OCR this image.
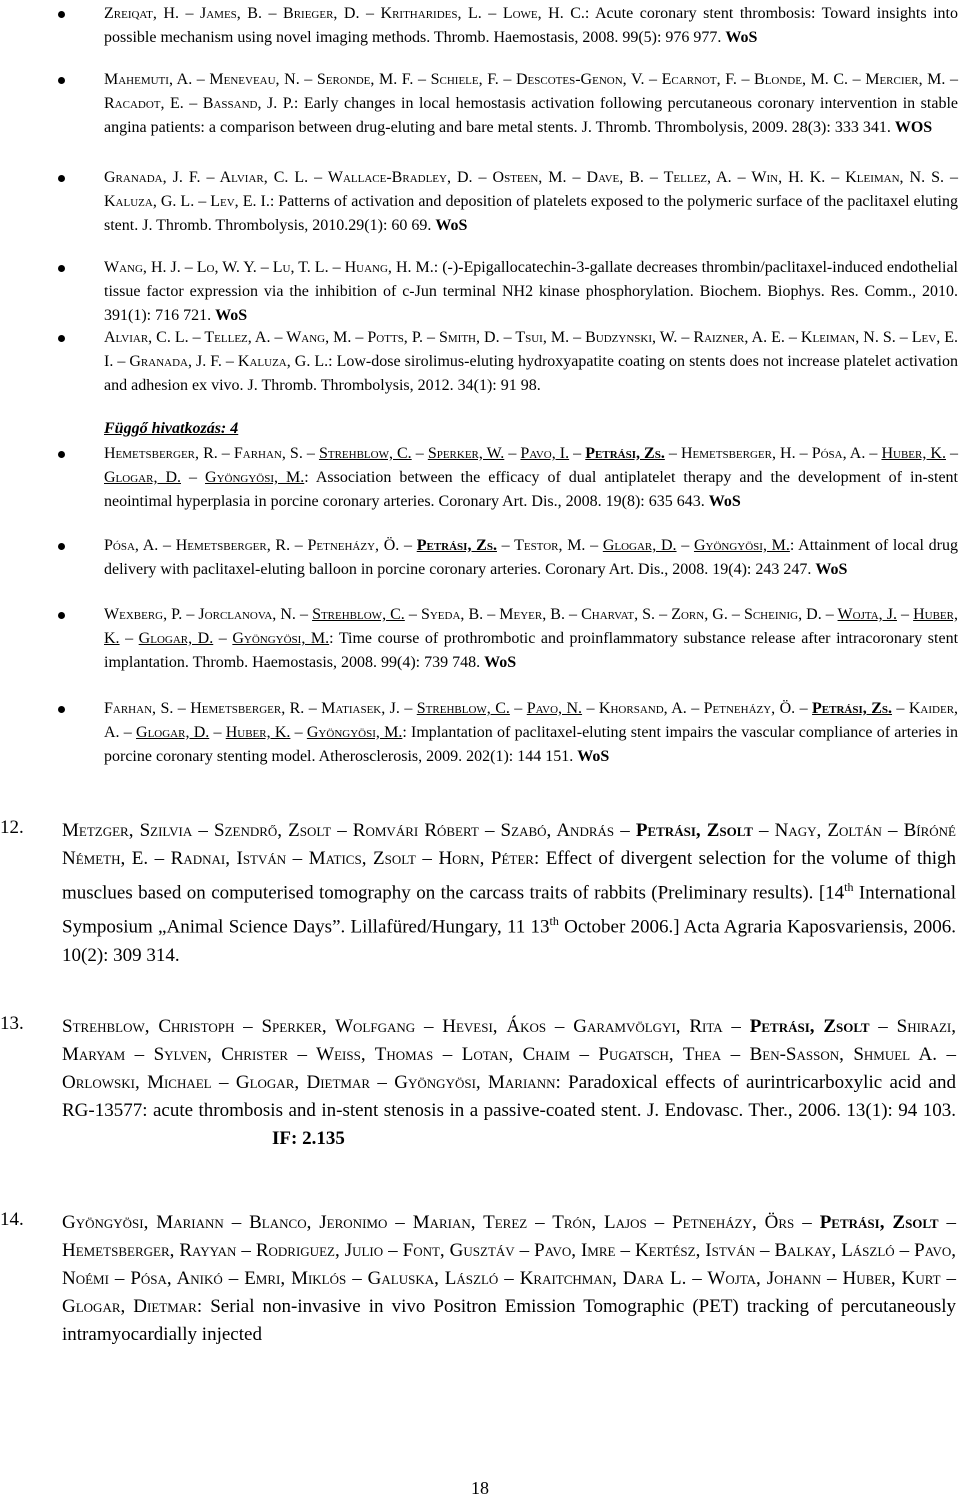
Zreiqat, H. – James, B. – Brieger, D. – Kritharides, L. – Lowe, H. C.: Acute coronary stent thrombosis: Toward insights into possible mechanism using novel imaging methods. Thromb. Haemostasis, 2008. 99(5): 976 977. WoS
Mahemuti, A. – Meneveau, N. – Seronde, M. F. – Schiele, F. – Descotes-Genon, V. – Ecarnot, F. – Blonde, M. C. – Mercier, M. – Racadot, E. – Bassand, J. P.: Early changes in local hemostasis activation following percutaneous coronary intervention in stable angina patients: a comparison between drug-eluting and bare metal stents. J. Thromb. Thrombolysis, 2009. 28(3): 333 341. WOS
Granada, J. F. – Alviar, C. L. – Wallace-Bradley, D. – Osteen, M. – Dave, B. – Tellez, A. – Win, H. K. – Kleiman, N. S. – Kaluza, G. L. – Lev, E. I.: Patterns of activation and deposition of platelets exposed to the polymeric surface of the paclitaxel eluting stent. J. Thromb. Thrombolysis, 2010.29(1): 60 69. WoS
Wang, H. J. – Lo, W. Y. – Lu, T. L. – Huang, H. M.: (-)-Epigallocatechin-3-gallate decreases thrombin/paclitaxel-induced endothelial tissue factor expression via the inhibition of c-Jun terminal NH2 kinase phosphorylation. Biochem. Biophys. Res. Comm., 2010. 391(1): 716 721. WoS
Alviar, C. L. – Tellez, A. – Wang, M. – Potts, P. – Smith, D. – Tsui, M. – Budzynski, W. – Raizner, A. E. – Kleiman, N. S. – Lev, E. I. – Granada, J. F. – Kaluza, G. L.: Low-dose sirolimus-eluting hydroxyapatite coating on stents does not increase platelet activation and adhesion ex vivo. J. Thromb. Thrombolysis, 2012. 34(1): 91 98.
Függő hivatkozás: 4
Hemetsberger, R. – Farhan, S. – Strehblow, C. – Sperker, W. – Pavo, I. – Petrási, Zs. – Hemetsberger, H. – Pósa, A. – Huber, K. – Glogar, D. – Gyöngyösi, M.: Association between the efficacy of dual antiplatelet therapy and the development of in-stent neointimal hyperplasia in porcine coronary arteries. Coronary Art. Dis., 2008. 19(8): 635 643. WoS
Pósa, A. – Hemetsberger, R. – Petneházy, Ö. – Petrási, Zs. – Testor, M. – Glogar, D. – Gyöngyösi, M.: Attainment of local drug delivery with paclitaxel-eluting balloon in porcine coronary arteries. Coronary Art. Dis., 2008. 19(4): 243 247. WoS
Wexberg, P. – Jorclanova, N. – Strehblow, C. – Syeda, B. – Meyer, B. – Charvat, S. – Zorn, G. – Scheinig, D. – Wojta, J. – Huber, K. – Glogar, D. – Gyöngyösi, M.: Time course of prothrombotic and proinflammatory substance release after intracoronary stent implantation. Thromb. Haemostasis, 2008. 99(4): 739 748. WoS
Farhan, S. – Hemetsberger, R. – Matiasek, J. – Strehblow, C. – Pavo, N. – Khorsand, A. – Petneházy, Ö. – Petrási, Zs. – Kaider, A. – Glogar, D. – Huber, K. – Gyöngyösi, M.: Implantation of paclitaxel-eluting stent impairs the vascular compliance of arteries in porcine coronary stenting model. Atherosclerosis, 2009. 202(1): 144 151. WoS
12. Metzger, Szilvia – Szendrő, Zsolt – Romvári Róbert – Szabó, András – Petrási, Zsolt – Nagy, Zoltán – Bíróné Németh, E. – Radnai, István – Matics, Zsolt – Horn, Péter: Effect of divergent selection for the volume of thigh musclues based on computerised tomography on the carcass traits of rabbits (Preliminary results). [14th International Symposium „Animal Science Days”. Lillafüred/Hungary, 11 13th October 2006.] Acta Agraria Kaposvariensis, 2006. 10(2): 309 314.
13. Strehblow, Christoph – Sperker, Wolfgang – Hevesi, Ákos – Garamvölgyi, Rita – Petrási, Zsolt – Shirazi, Maryam – Sylven, Christer – Weiss, Thomas – Lotan, Chaim – Pugatsch, Thea – Ben-Sasson, Shmuel A. – Orlowski, Michael – Glogar, Dietmar – Gyöngyösi, Mariann: Paradoxical effects of aurintricarboxylic acid and RG-13577: acute thrombosis and in-stent stenosis in a passive-coated stent. J. Endovasc. Ther., 2006. 13(1): 94 103.IF: 2.135
14. Gyöngyösi, Mariann – Blanco, Jeronimo – Marian, Terez – Trón, Lajos – Petneházy, Örs – Petrási, Zsolt – Hemetsberger, Rayyan – Rodriguez, Julio – Font, Gusztáv – Pavo, Imre – Kertész, István – Balkay, László – Pavo, Noémi – Pósa, Anikó – Emri, Miklós – Galuska, László – Kraitchman, Dara L. – Wojta, Johann – Huber, Kurt – Glogar, Dietmar: Serial non-invasive in vivo Positron Emission Tomographic (PET) tracking of percutaneously intramyocardially injected
18
